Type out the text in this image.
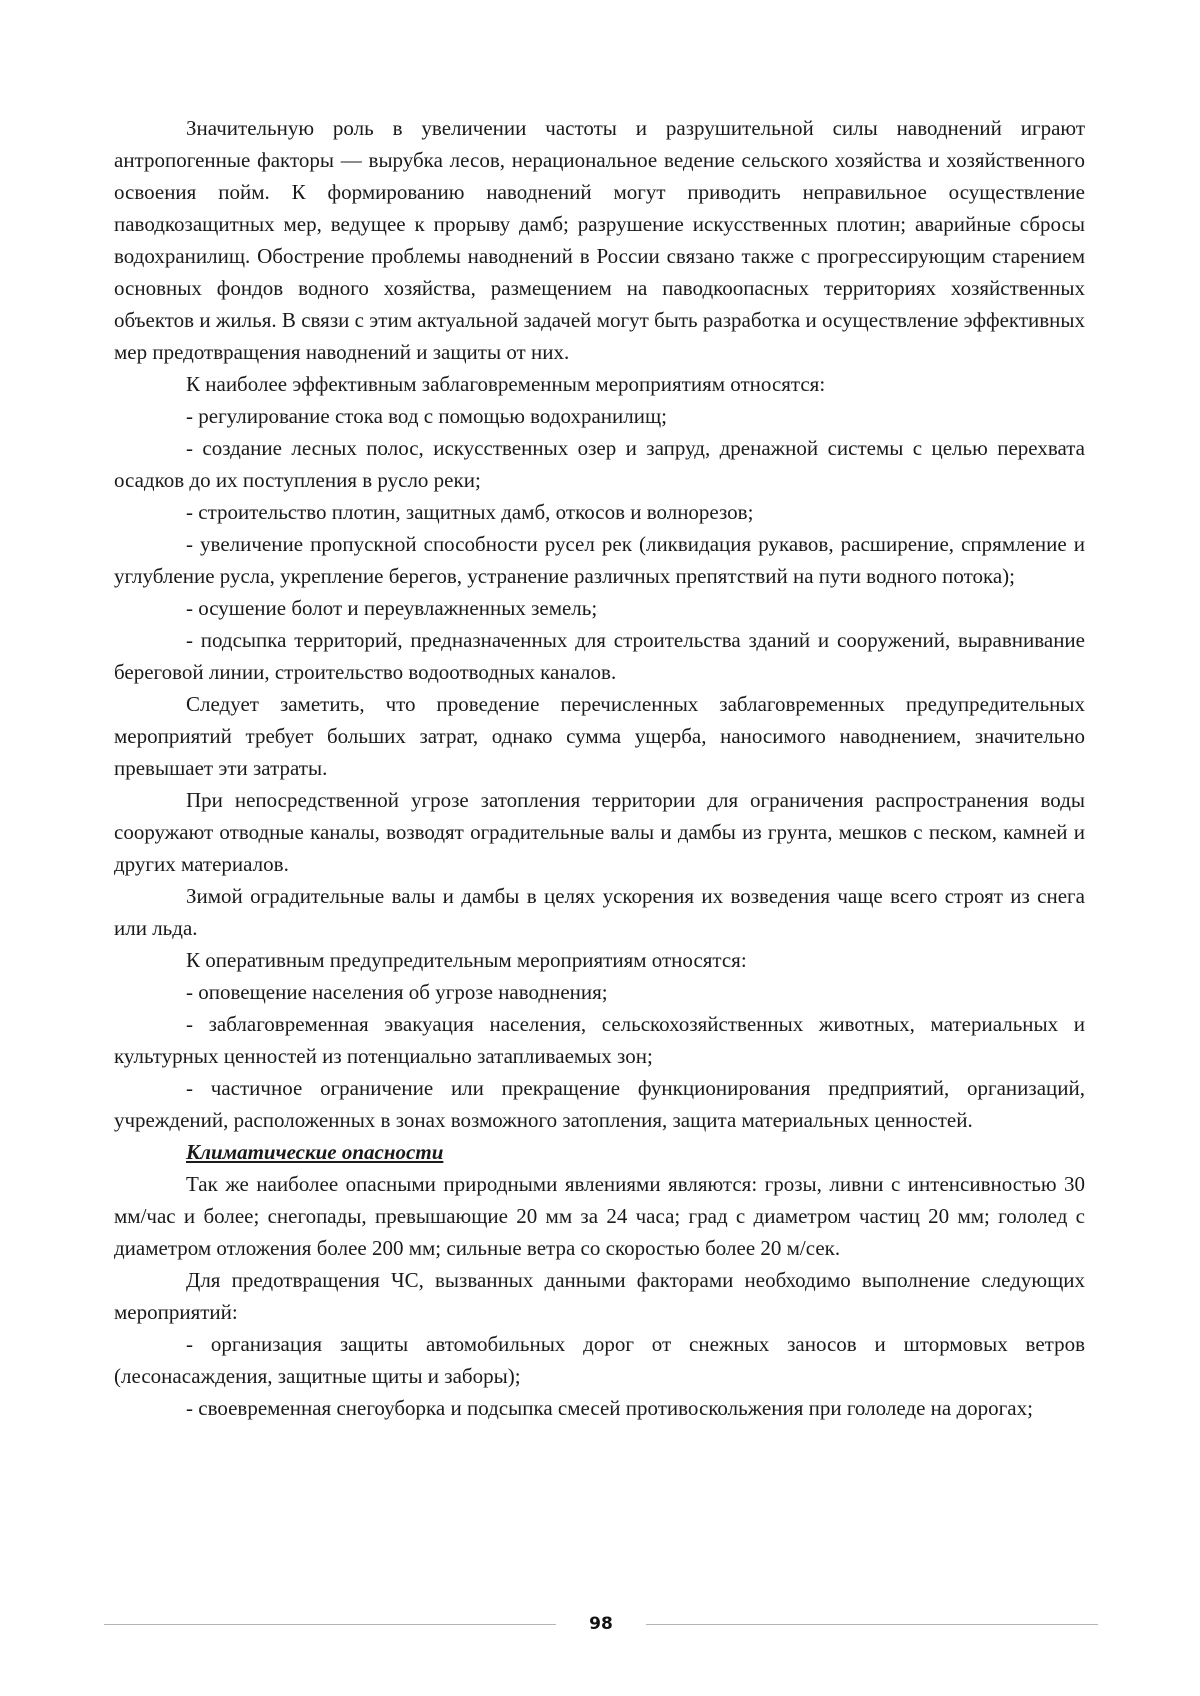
Значительную роль в увеличении частоты и разрушительной силы наводнений играют антропогенные факторы — вырубка лесов, нерациональное ведение сельского хозяйства и хозяйственного освоения пойм. К формированию наводнений могут приводить неправильное осуществление паводкозащитных мер, ведущее к прорыву дамб; разрушение искусственных плотин; аварийные сбросы водохранилищ. Обострение проблемы наводнений в России связано также с прогрессирующим старением основных фондов водного хозяйства, размещением на паводкоопасных территориях хозяйственных объектов и жилья. В связи с этим актуальной задачей могут быть разработка и осуществление эффективных мер предотвращения наводнений и защиты от них.

К наиболее эффективным заблаговременным мероприятиям относятся:

- регулирование стока вод с помощью водохранилищ;

- создание лесных полос, искусственных озер и запруд, дренажной системы с целью перехвата осадков до их поступления в русло реки;

- строительство плотин, защитных дамб, откосов и волнорезов;

- увеличение пропускной способности русел рек (ликвидация рукавов, расширение, спрямление и углубление русла, укрепление берегов, устранение различных препятствий на пути водного потока);

- осушение болот и переувлажненных земель;

- подсыпка территорий, предназначенных для строительства зданий и сооружений, выравнивание береговой линии, строительство водоотводных каналов.

Следует заметить, что проведение перечисленных заблаговременных предупредительных мероприятий требует больших затрат, однако сумма ущерба, наносимого наводнением, значительно превышает эти затраты.

При непосредственной угрозе затопления территории для ограничения распространения воды сооружают отводные каналы, возводят оградительные валы и дамбы из грунта, мешков с песком, камней и других материалов.

Зимой оградительные валы и дамбы в целях ускорения их возведения чаще всего строят из снега или льда.

К оперативным предупредительным мероприятиям относятся:

- оповещение населения об угрозе наводнения;

- заблаговременная эвакуация населения, сельскохозяйственных животных, материальных и культурных ценностей из потенциально затапливаемых зон;

- частичное ограничение или прекращение функционирования предприятий, организаций, учреждений, расположенных в зонах возможного затопления, защита материальных ценностей.

Климатические опасности

Так же наиболее опасными природными явлениями являются: грозы, ливни с интенсивностью 30 мм/час и более; снегопады, превышающие 20 мм за 24 часа; град с диаметром частиц 20 мм; гололед с диаметром отложения более 200 мм; сильные ветра со скоростью более 20 м/сек.

Для предотвращения ЧС, вызванных данными факторами необходимо выполнение следующих мероприятий:

- организация защиты автомобильных дорог от снежных заносов и штормовых ветров (лесонасаждения, защитные щиты и заборы);

- своевременная снегоуборка и подсыпка смесей противоскольжения при гололеде на дорогах;

98
